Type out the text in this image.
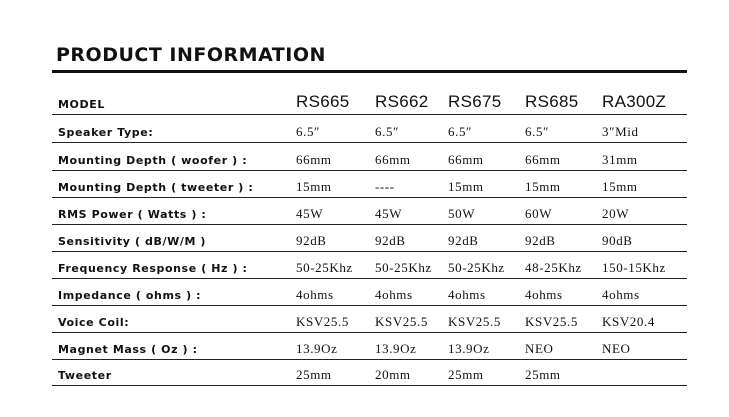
PRODUCT INFORMATION
MODEL	RS665 RS662 RS675 RS685 RA300Z
Speaker Type:	6.5″	6.5″	6.5″	6.5″	3″Mid
Mounting Depth ( woofer ) :	66mm	66mm	66mm	66mm	31mm
Mounting Depth ( tweeter ) :	15mm	----	15mm	15mm	15mm
RMS Power ( Watts ) :	45W	45W	50W	60W	20W
Sensitivity ( dB/W/M )	92dB	92dB	92dB	92dB	90dB
Frequency Response ( Hz ) :	50-25Khz 50-25Khz 50-25Khz 48-25Khz 150-15Khz
Impedance ( ohms ) :	4ohms	4ohms	4ohms	4ohms	4ohms
Voice Coil:	KSV25.5 KSV25.5 KSV25.5 KSV25.5 KSV20.4
Magnet Mass ( Oz ) :	13.9Oz	13.9Oz 13.9Oz	NEO	NEO
Tweeter	25mm	20mm	25mm	25mm
